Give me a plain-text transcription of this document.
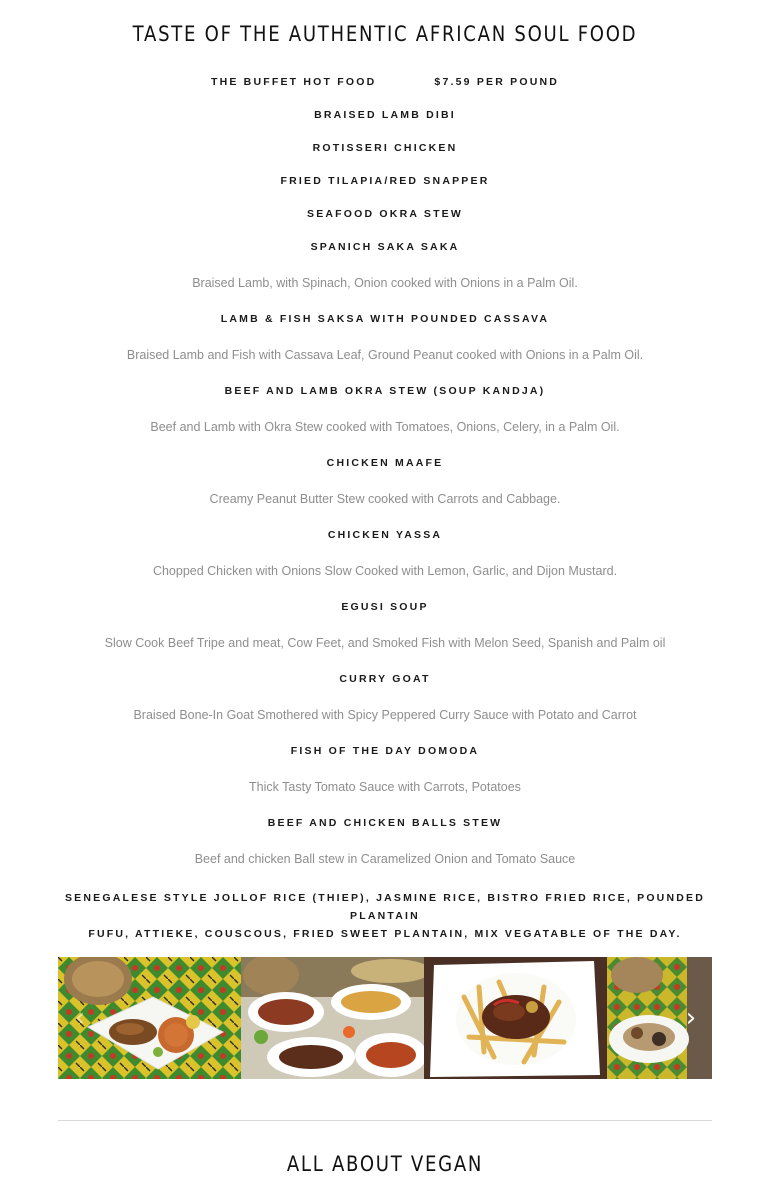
TASTE OF THE AUTHENTIC AFRICAN SOUL FOOD
THE BUFFET HOT FOOD	$7.59 PER POUND

BRAISED LAMB DIBI

ROTISSERI CHICKEN

FRIED TILAPIA/RED SNAPPER

SEAFOOD OKRA STEW

SPANICH SAKA SAKA

Braised Lamb, with Spinach, Onion cooked with Onions in a Palm Oil.

LAMB & FISH SAKSA WITH POUNDED CASSAVA

Braised Lamb and Fish with Cassava Leaf, Ground Peanut cooked with Onions in a Palm Oil.

BEEF AND LAMB OKRA STEW (SOUP KANDJA)

Beef and Lamb with Okra Stew cooked with Tomatoes, Onions, Celery, in a Palm Oil.

CHICKEN MAAFE

Creamy Peanut Butter Stew cooked with Carrots and Cabbage.

CHICKEN YASSA

Chopped Chicken with Onions Slow Cooked with Lemon, Garlic, and Dijon Mustard.

EGUSI SOUP

Slow Cook Beef Tripe and meat, Cow Feet, and Smoked Fish with Melon Seed, Spanish and Palm oil

CURRY GOAT

Braised Bone-In Goat Smothered with Spicy Peppered Curry Sauce with Potato and Carrot

FISH OF THE DAY DOMODA

Thick Tasty Tomato Sauce with Carrots, Potatoes

BEEF AND CHICKEN BALLS STEW

Beef and chicken Ball stew in Caramelized Onion and Tomato Sauce

SENEGALESE STYLE JOLLOF RICE (THIEP), JASMINE RICE, BISTRO FRIED RICE, POUNDED PLANTAIN
FUFU, ATTIEKE, COUSCOUS, FRIED SWEET PLANTAIN, MIX VEGATABLE OF THE DAY.

‹	›
ALL ABOUT VEGAN
